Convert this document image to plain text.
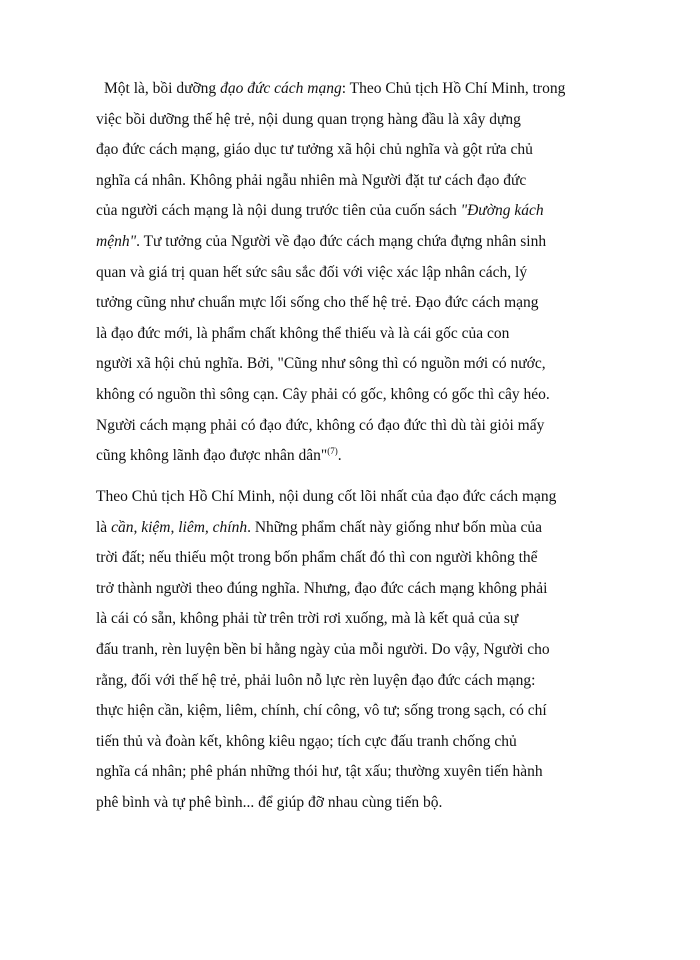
Một là, bồi dưỡng đạo đức cách mạng: Theo Chủ tịch Hồ Chí Minh, trong
việc bồi dưỡng thế hệ trẻ, nội dung quan trọng hàng đầu là xây dựng
đạo đức cách mạng, giáo dục tư tưởng xã hội chủ nghĩa và gột rửa chủ
nghĩa cá nhân. Không phải ngẫu nhiên mà Người đặt tư cách đạo đức
của người cách mạng là nội dung trước tiên của cuốn sách "Đường kách
mệnh". Tư tưởng của Người về đạo đức cách mạng chứa đựng nhân sinh
quan và giá trị quan hết sức sâu sắc đối với việc xác lập nhân cách, lý
tưởng cũng như chuẩn mực lối sống cho thế hệ trẻ. Đạo đức cách mạng
là đạo đức mới, là phẩm chất không thể thiếu và là cái gốc của con
người xã hội chủ nghĩa. Bởi, "Cũng như sông thì có nguồn mới có nước,
không có nguồn thì sông cạn. Cây phải có gốc, không có gốc thì cây héo.
Người cách mạng phải có đạo đức, không có đạo đức thì dù tài giỏi mấy
cũng không lãnh đạo được nhân dân"$^{(7)}$.
Theo Chủ tịch Hồ Chí Minh, nội dung cốt lõi nhất của đạo đức cách mạng
là cần, kiệm, liêm, chính. Những phẩm chất này giống như bốn mùa của
trời đất; nếu thiếu một trong bốn phẩm chất đó thì con người không thể
trở thành người theo đúng nghĩa. Nhưng, đạo đức cách mạng không phải
là cái có sẵn, không phải từ trên trời rơi xuống, mà là kết quả của sự
đấu tranh, rèn luyện bền bỉ hằng ngày của mỗi người. Do vậy, Người cho
rằng, đối với thế hệ trẻ, phải luôn nỗ lực rèn luyện đạo đức cách mạng:
thực hiện cần, kiệm, liêm, chính, chí công, vô tư; sống trong sạch, có chí
tiến thủ và đoàn kết, không kiêu ngạo; tích cực đấu tranh chống chủ
nghĩa cá nhân; phê phán những thói hư, tật xấu; thường xuyên tiến hành
phê bình và tự phê bình... để giúp đỡ nhau cùng tiến bộ.
